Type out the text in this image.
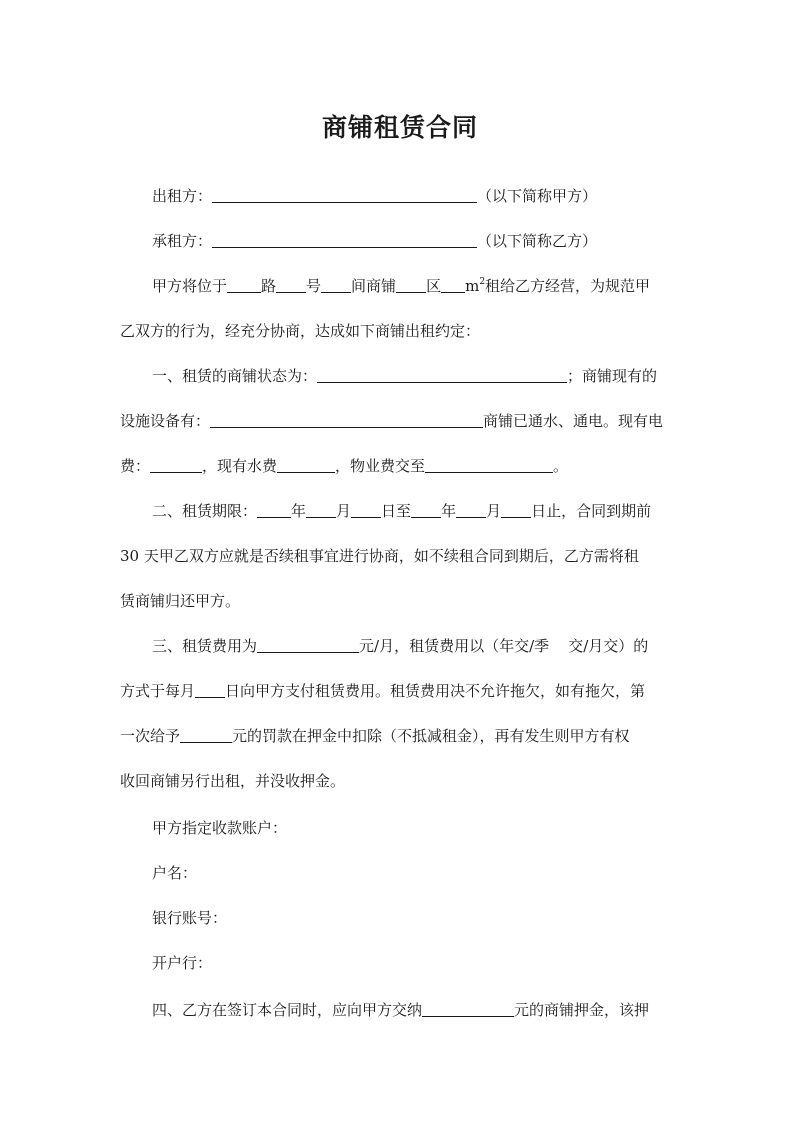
商铺租赁合同
出租方：	（以下简称甲方）
承租方：	（以下简称乙方）
甲方将位于 路 号 间商铺 区 $m^2$租给乙方经营，为规范甲
乙双方的行为，经充分协商，达成如下商铺出租约定：
一、租赁的商铺状态为：	；商铺现有的
设施设备有：	商铺已通水、通电。现有电
费：	，现有水费	，物业费交至	。
二、租赁期限： 年 月 日至 年 月 日止，合同到期前
30 天甲乙双方应就是否续租事宜进行协商，如不续租合同到期后，乙方需将租
赁商铺归还甲方。
三、租赁费用为	元/月，租赁费用以（年交/季    交/月交）的
方式于每月 日向甲方支付租赁费用。租赁费用决不允许拖欠，如有拖欠，第
一次给予	元的罚款在押金中扣除（不抵减租金），再有发生则甲方有权
收回商铺另行出租，并没收押金。
甲方指定收款账户：
户名：
银行账号：
开户行：
四、乙方在签订本合同时，应向甲方交纳	元的商铺押金，该押
